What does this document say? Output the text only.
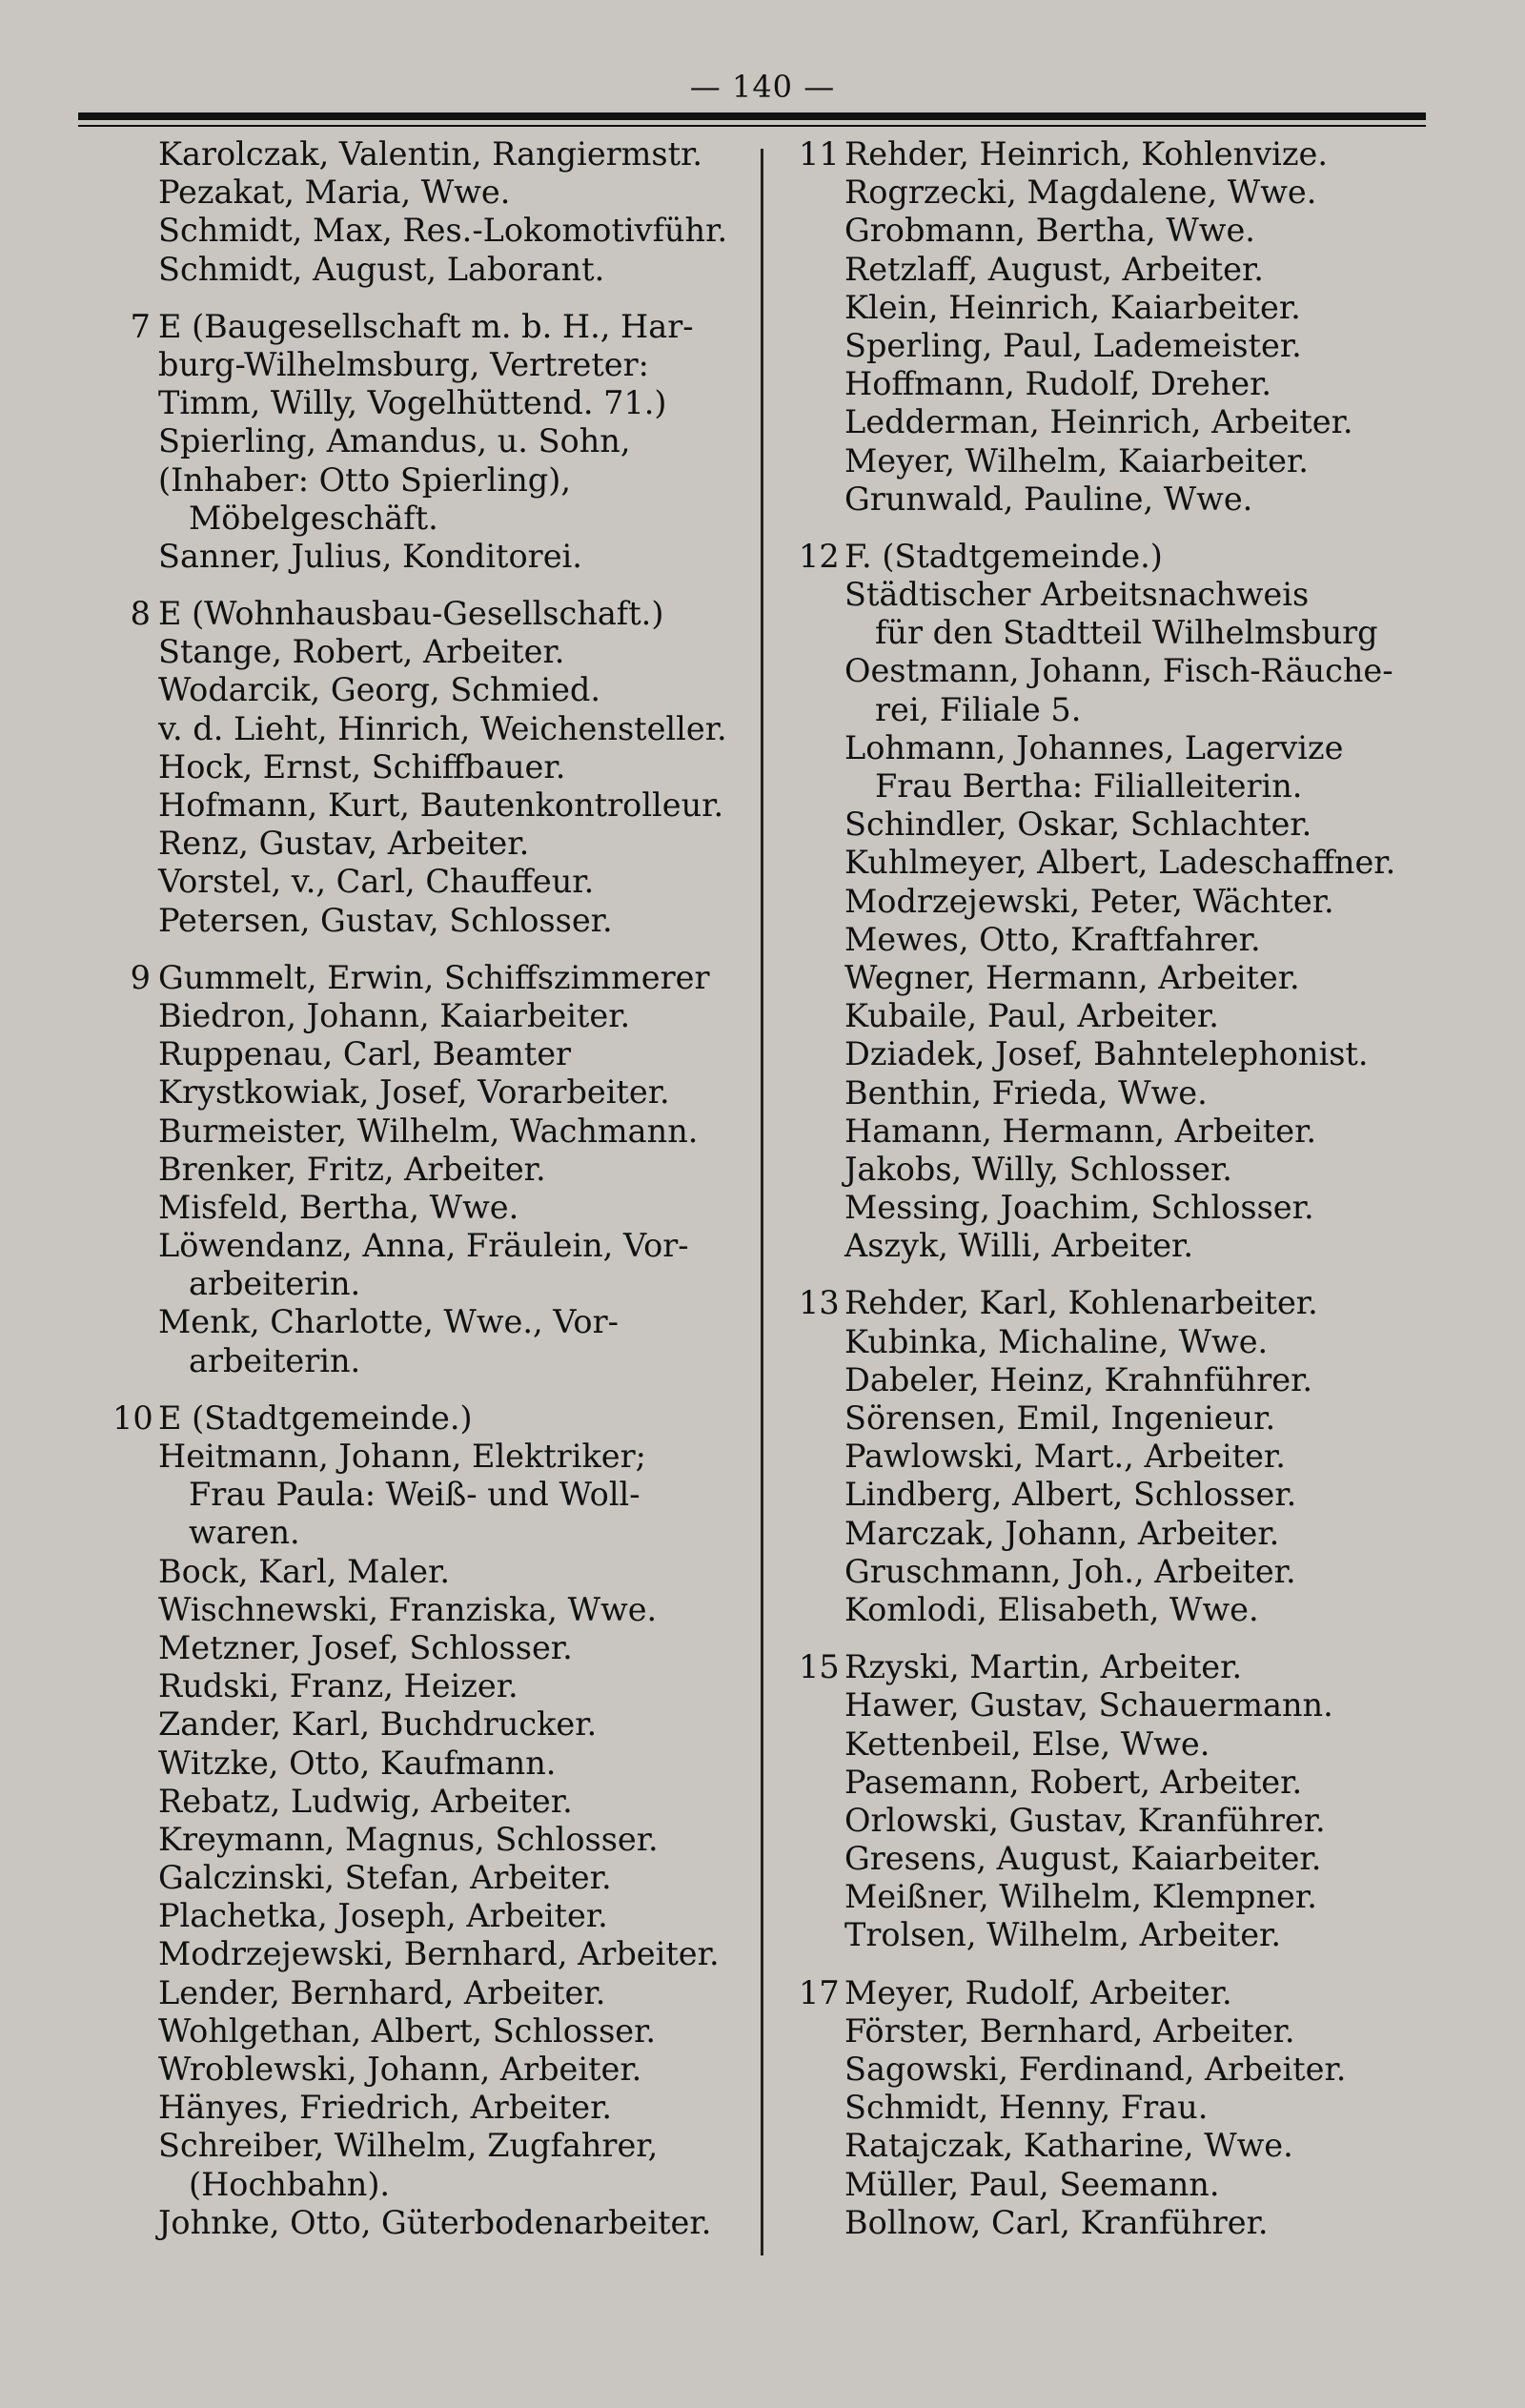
— 140 —
Karolczak, Valentin, Rangiermstr.
Pezakat, Maria, Wwe.
Schmidt, Max, Res.-Lokomotivführ.
Schmidt, August, Laborant.
7 E (Baugesellschaft m. b. H., Har-
burg-Wilhelmsburg, Vertreter:
Timm, Willy, Vogelhüttend. 71.)
Spierling, Amandus, u. Sohn,
(Inhaber: Otto Spierling),
Möbelgeschäft.
Sanner, Julius, Konditorei.
8 E (Wohnhausbau-Gesellschaft.)
Stange, Robert, Arbeiter.
Wodarcik, Georg, Schmied.
v. d. Lieht, Hinrich, Weichensteller.
Hock, Ernst, Schiffbauer.
Hofmann, Kurt, Bautenkontrolleur.
Renz, Gustav, Arbeiter.
Vorstel, v., Carl, Chauffeur.
Petersen, Gustav, Schlosser.
9 Gummelt, Erwin, Schiffszimmerer
Biedron, Johann, Kaiarbeiter.
Ruppenau, Carl, Beamter
Krystkowiak, Josef, Vorarbeiter.
Burmeister, Wilhelm, Wachmann.
Brenker, Fritz, Arbeiter.
Misfeld, Bertha, Wwe.
Löwendanz, Anna, Fräulein, Vor-
arbeiterin.
Menk, Charlotte, Wwe., Vor-
arbeiterin.
10 E (Stadtgemeinde.)
Heitmann, Johann, Elektriker;
Frau Paula: Weiß- und Woll-
waren.
Bock, Karl, Maler.
Wischnewski, Franziska, Wwe.
Metzner, Josef, Schlosser.
Rudski, Franz, Heizer.
Zander, Karl, Buchdrucker.
Witzke, Otto, Kaufmann.
Rebatz, Ludwig, Arbeiter.
Kreymann, Magnus, Schlosser.
Galczinski, Stefan, Arbeiter.
Plachetka, Joseph, Arbeiter.
Modrzejewski, Bernhard, Arbeiter.
Lender, Bernhard, Arbeiter.
Wohlgethan, Albert, Schlosser.
Wroblewski, Johann, Arbeiter.
Hänyes, Friedrich, Arbeiter.
Schreiber, Wilhelm, Zugfahrer,
(Hochbahn).
Johnke, Otto, Güterbodenarbeiter.
11 Rehder, Heinrich, Kohlenvize.
Rogrzecki, Magdalene, Wwe.
Grobmann, Bertha, Wwe.
Retzlaff, August, Arbeiter.
Klein, Heinrich, Kaiarbeiter.
Sperling, Paul, Lademeister.
Hoffmann, Rudolf, Dreher.
Ledderman, Heinrich, Arbeiter.
Meyer, Wilhelm, Kaiarbeiter.
Grunwald, Pauline, Wwe.
12 F. (Stadtgemeinde.)
Städtischer Arbeitsnachweis
für den Stadtteil Wilhelmsburg
Oestmann, Johann, Fisch-Räuche-
rei, Filiale 5.
Lohmann, Johannes, Lagervize
Frau Bertha: Filialleiterin.
Schindler, Oskar, Schlachter.
Kuhlmeyer, Albert, Ladeschaffner.
Modrzejewski, Peter, Wächter.
Mewes, Otto, Kraftfahrer.
Wegner, Hermann, Arbeiter.
Kubaile, Paul, Arbeiter.
Dziadek, Josef, Bahntelephonist.
Benthin, Frieda, Wwe.
Hamann, Hermann, Arbeiter.
Jakobs, Willy, Schlosser.
Messing, Joachim, Schlosser.
Aszyk, Willi, Arbeiter.
13 Rehder, Karl, Kohlenarbeiter.
Kubinka, Michaline, Wwe.
Dabeler, Heinz, Krahnführer.
Sörensen, Emil, Ingenieur.
Pawlowski, Mart., Arbeiter.
Lindberg, Albert, Schlosser.
Marczak, Johann, Arbeiter.
Gruschmann, Joh., Arbeiter.
Komlodi, Elisabeth, Wwe.
15 Rzyski, Martin, Arbeiter.
Hawer, Gustav, Schauermann.
Kettenbeil, Else, Wwe.
Pasemann, Robert, Arbeiter.
Orlowski, Gustav, Kranführer.
Gresens, August, Kaiarbeiter.
Meißner, Wilhelm, Klempner.
Trolsen, Wilhelm, Arbeiter.
17 Meyer, Rudolf, Arbeiter.
Förster, Bernhard, Arbeiter.
Sagowski, Ferdinand, Arbeiter.
Schmidt, Henny, Frau.
Ratajczak, Katharine, Wwe.
Müller, Paul, Seemann.
Bollnow, Carl, Kranführer.
